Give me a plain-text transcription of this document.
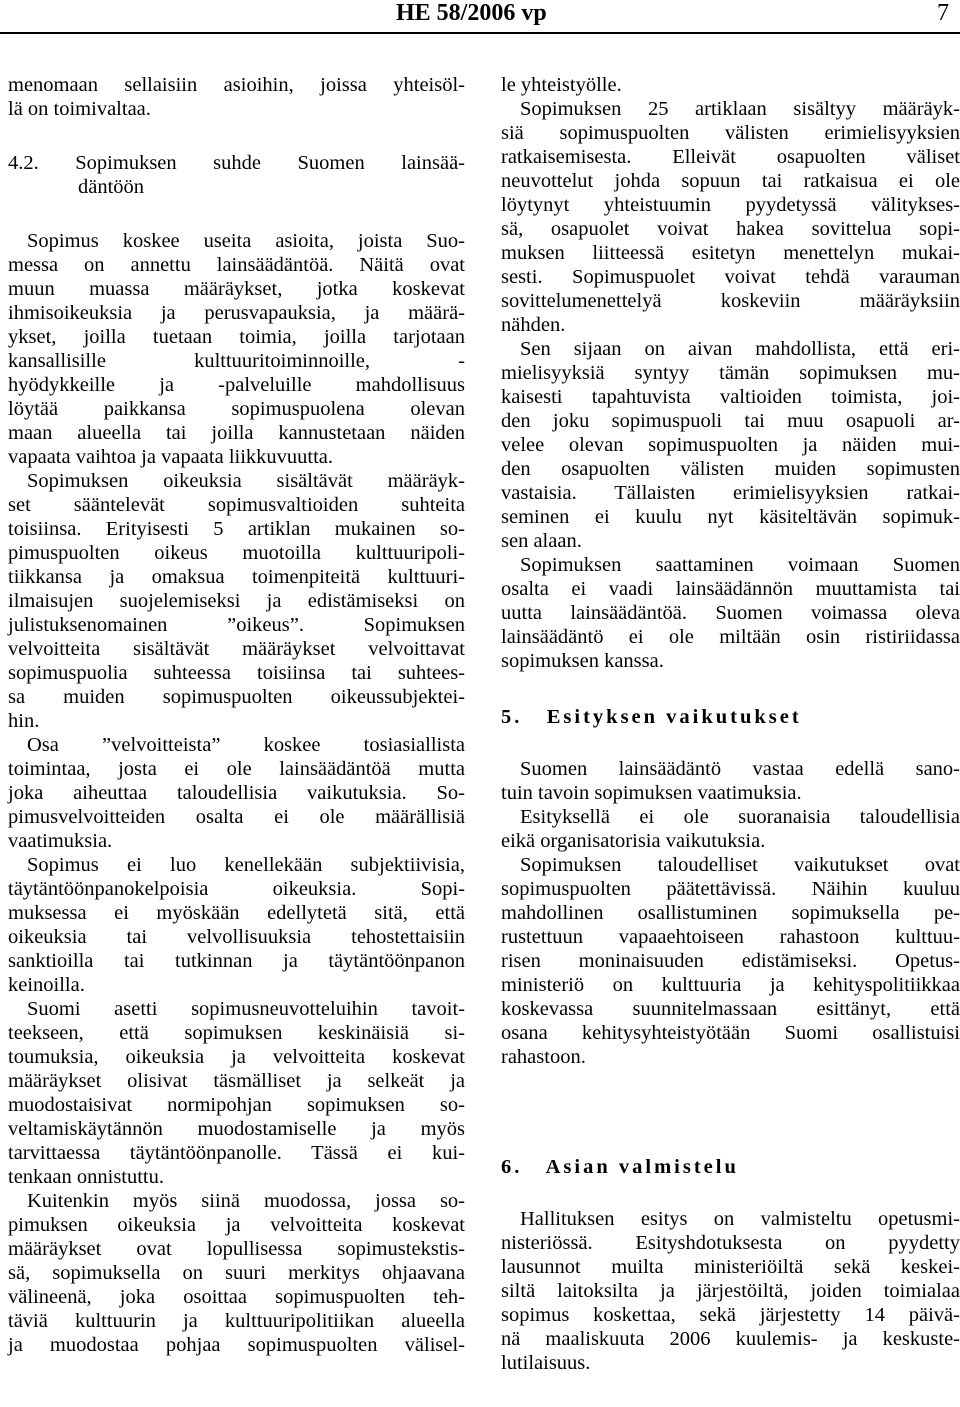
HE 58/2006 vp	7
menomaan sellaisiin asioihin, joissa yhteisöl-
lä on toimivaltaa.
4.2. Sopimuksen suhde Suomen lainsää-
däntöön
Sopimus koskee useita asioita, joista Suo-
messa on annettu lainsäädäntöä. Näitä ovat
muun muassa määräykset, jotka koskevat
ihmisoikeuksia ja perusvapauksia, ja määrä-
ykset, joilla tuetaan toimia, joilla tarjotaan
kansallisille kulttuuritoiminnoille, -
hyödykkeille ja -palveluille mahdollisuus
löytää paikkansa sopimuspuolena olevan
maan alueella tai joilla kannustetaan näiden
vapaata vaihtoa ja vapaata liikkuvuutta.
Sopimuksen oikeuksia sisältävät määräyk-
set sääntelevät sopimusvaltioiden suhteita
toisiinsa. Erityisesti 5 artiklan mukainen so-
pimuspuolten oikeus muotoilla kulttuuripoli-
tiikkansa ja omaksua toimenpiteitä kulttuuri-
ilmaisujen suojelemiseksi ja edistämiseksi on
julistuksenomainen ”oikeus”. Sopimuksen
velvoitteita sisältävät määräykset velvoittavat
sopimuspuolia suhteessa toisiinsa tai suhtees-
sa muiden sopimuspuolten oikeussubjektei-
hin.
Osa ”velvoitteista” koskee tosiasiallista
toimintaa, josta ei ole lainsäädäntöä mutta
joka aiheuttaa taloudellisia vaikutuksia. So-
pimusvelvoitteiden osalta ei ole määrällisiä
vaatimuksia.
Sopimus ei luo kenellekään subjektiivisia,
täytäntöönpanokelpoisia oikeuksia. Sopi-
muksessa ei myöskään edellytetä sitä, että
oikeuksia tai velvollisuuksia tehostettaisiin
sanktioilla tai tutkinnan ja täytäntöönpanon
keinoilla.
Suomi asetti sopimusneuvotteluihin tavoit-
teekseen, että sopimuksen keskinäisiä si-
toumuksia, oikeuksia ja velvoitteita koskevat
määräykset olisivat täsmälliset ja selkeät ja
muodostaisivat normipohjan sopimuksen so-
veltamiskäytännön muodostamiselle ja myös
tarvittaessa täytäntöönpanolle. Tässä ei kui-
tenkaan onnistuttu.
Kuitenkin myös siinä muodossa, jossa so-
pimuksen oikeuksia ja velvoitteita koskevat
määräykset ovat lopullisessa sopimustekstis-
sä, sopimuksella on suuri merkitys ohjaavana
välineenä, joka osoittaa sopimuspuolten teh-
täviä kulttuurin ja kulttuuripolitiikan alueella
ja muodostaa pohjaa sopimuspuolten välisel-
le yhteistyölle.
Sopimuksen 25 artiklaan sisältyy määräyk-
siä sopimuspuolten välisten erimielisyyksien
ratkaisemisesta. Elleivät osapuolten väliset
neuvottelut johda sopuun tai ratkaisua ei ole
löytynyt yhteistuumin pyydetyssä välitykses-
sä, osapuolet voivat hakea sovittelua sopi-
muksen liitteessä esitetyn menettelyn mukai-
sesti. Sopimuspuolet voivat tehdä varauman
sovittelumenettelyä koskeviin määräyksiin
nähden.
Sen sijaan on aivan mahdollista, että eri-
mielisyyksiä syntyy tämän sopimuksen mu-
kaisesti tapahtuvista valtioiden toimista, joi-
den joku sopimuspuoli tai muu osapuoli ar-
velee olevan sopimuspuolten ja näiden mui-
den osapuolten välisten muiden sopimusten
vastaisia. Tällaisten erimielisyyksien ratkai-
seminen ei kuulu nyt käsiteltävän sopimuk-
sen alaan.
Sopimuksen saattaminen voimaan Suomen
osalta ei vaadi lainsäädännön muuttamista tai
uutta lainsäädäntöä. Suomen voimassa oleva
lainsäädäntö ei ole miltään osin ristiriidassa
sopimuksen kanssa.
5.   Esityksen vaikutukset
Suomen lainsäädäntö vastaa edellä sano-
tuin tavoin sopimuksen vaatimuksia.
Esityksellä ei ole suoranaisia taloudellisia
eikä organisatorisia vaikutuksia.
Sopimuksen taloudelliset vaikutukset ovat
sopimuspuolten päätettävissä. Näihin kuuluu
mahdollinen osallistuminen sopimuksella pe-
rustettuun vapaaehtoiseen rahastoon kulttuu-
risen moninaisuuden edistämiseksi. Opetus-
ministeriö on kulttuuria ja kehityspolitiikkaa
koskevassa suunnitelmassaan esittänyt, että
osana kehitysyhteistyötään Suomi osallistuisi
rahastoon.
6.   Asian valmistelu
Hallituksen esitys on valmisteltu opetusmi-
nisteriössä. Esityshdotuksesta on pyydetty
lausunnot muilta ministeriöiltä sekä keskei-
siltä laitoksilta ja järjestöiltä, joiden toimialaa
sopimus koskettaa, sekä järjestetty 14 päivä-
nä maaliskuuta 2006 kuulemis- ja keskuste-
lutilaisuus.
